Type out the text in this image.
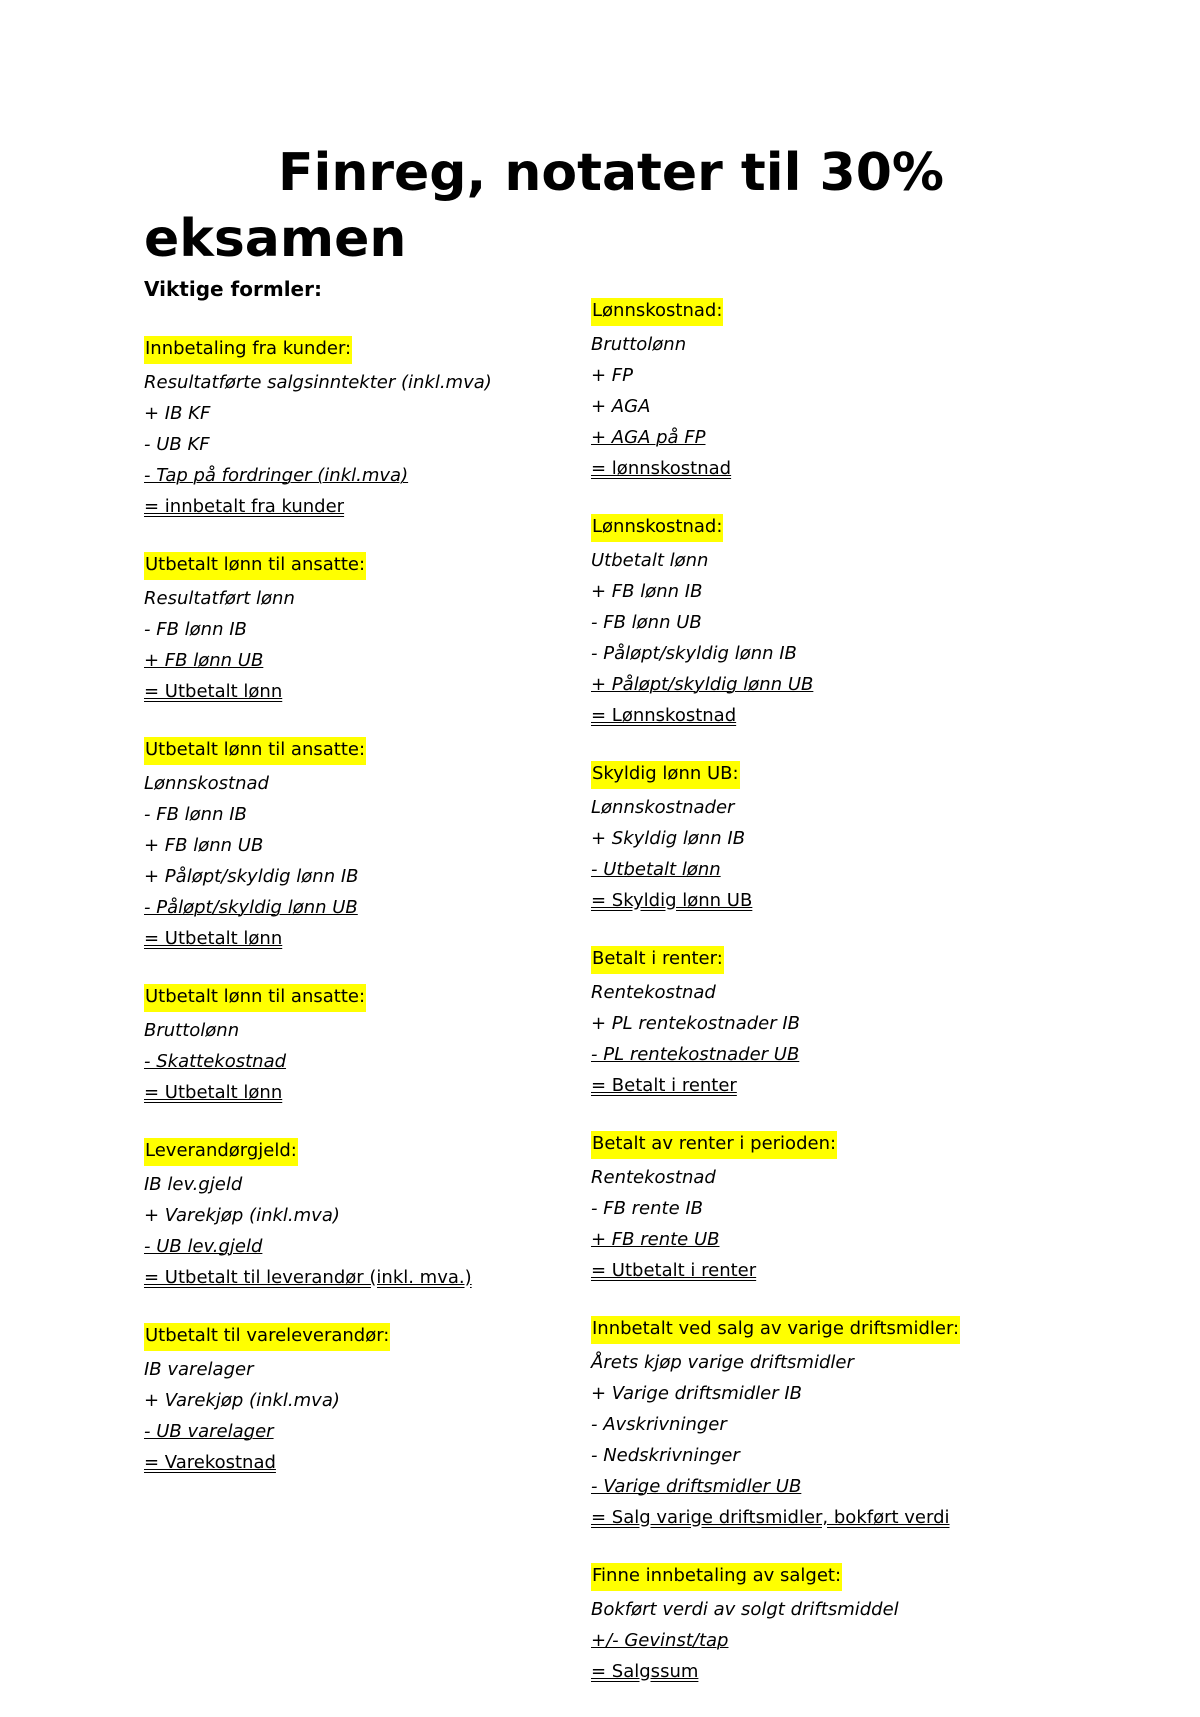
Finreg, notater til 30% eksamen

Viktige formler:

Innbetaling fra kunder:
Resultatførte salgsinntekter (inkl.mva)
+ IB KF
- UB KF
- Tap på fordringer (inkl.mva)
= innbetalt fra kunder
Utbetalt lønn til ansatte:
Resultatført lønn
- FB lønn IB
+ FB lønn UB
= Utbetalt lønn
Utbetalt lønn til ansatte:
Lønnskostnad
- FB lønn IB
+ FB lønn UB
+ Påløpt/skyldig lønn IB
- Påløpt/skyldig lønn UB
= Utbetalt lønn
Utbetalt lønn til ansatte:
Bruttolønn
- Skattekostnad
= Utbetalt lønn
Leverandørgjeld:
IB lev.gjeld
+ Varekjøp (inkl.mva)
- UB lev.gjeld
= Utbetalt til leverandør (inkl. mva.)
Utbetalt til vareleverandør:
IB varelager
+ Varekjøp (inkl.mva)
- UB varelager
= Varekostnad
Lønnskostnad:
Bruttolønn
+ FP
+ AGA
+ AGA på FP
= lønnskostnad
Lønnskostnad:
Utbetalt lønn
+ FB lønn IB
- FB lønn UB
- Påløpt/skyldig lønn IB
+ Påløpt/skyldig lønn UB
= Lønnskostnad
Skyldig lønn UB:
Lønnskostnader
+ Skyldig lønn IB
- Utbetalt lønn
= Skyldig lønn UB
Betalt i renter:
Rentekostnad
+ PL rentekostnader IB
- PL rentekostnader UB
= Betalt i renter
Betalt av renter i perioden:
Rentekostnad
- FB rente IB
+ FB rente UB
= Utbetalt i renter
Innbetalt ved salg av varige driftsmidler:
Årets kjøp varige driftsmidler
+ Varige driftsmidler IB
- Avskrivninger
- Nedskrivninger
- Varige driftsmidler UB
= Salg varige driftsmidler, bokført verdi
Finne innbetaling av salget:
Bokført verdi av solgt driftsmiddel
+/- Gevinst/tap
= Salgssum
